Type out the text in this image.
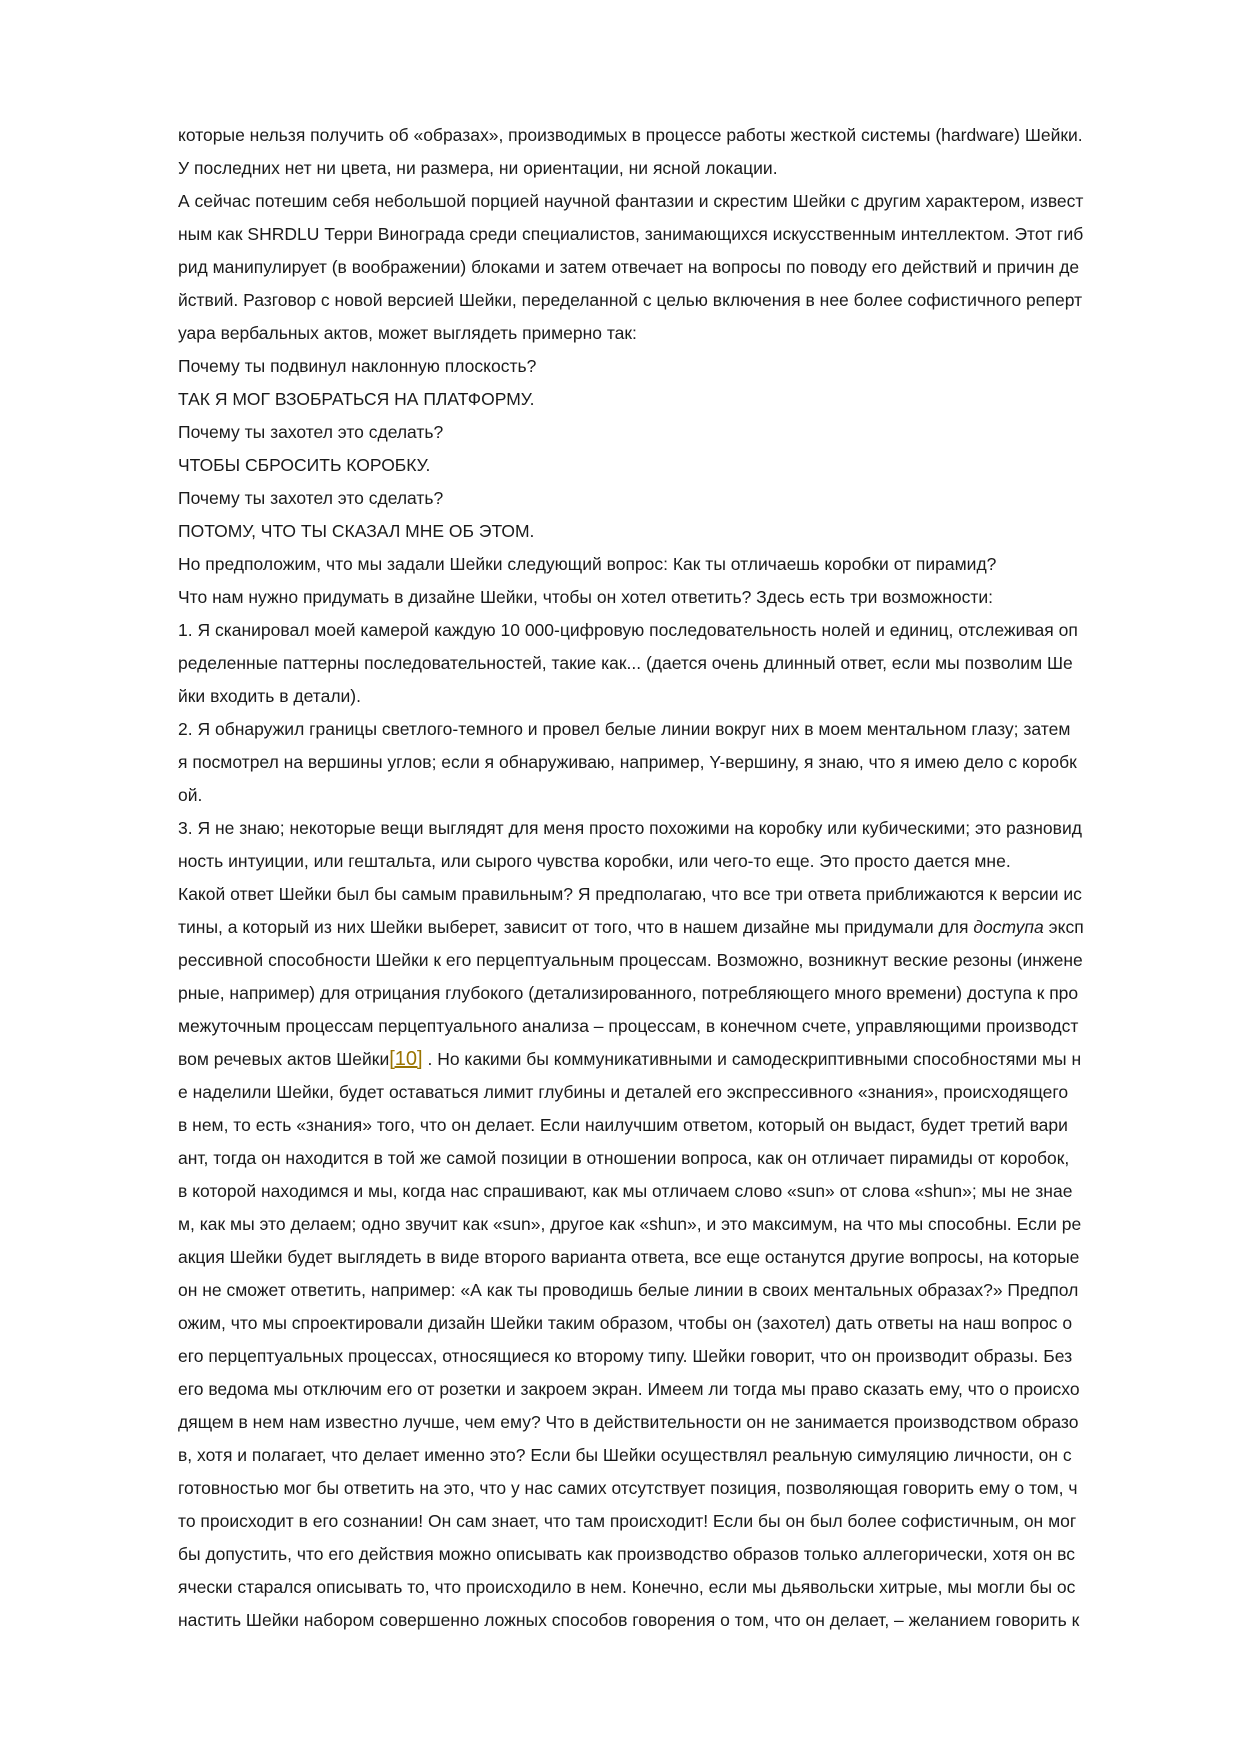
которые нельзя получить об «образах», производимых в процессе работы жесткой системы (hardware) Шейки.
У последних нет ни цвета, ни размера, ни ориентации, ни ясной локации.
А сейчас потешим себя небольшой порцией научной фантазии и скрестим Шейки с другим характером, извест
ным как SHRDLU Терри Винограда среди специалистов, занимающихся искусственным интеллектом. Этот гиб
рид манипулирует (в воображении) блоками и затем отвечает на вопросы по поводу его действий и причин де
йствий. Разговор с новой версией Шейки, переделанной с целью включения в нее более софистичного реперт
уара вербальных актов, может выглядеть примерно так:
Почему ты подвинул наклонную плоскость?
ТАК Я МОГ ВЗОБРАТЬСЯ НА ПЛАТФОРМУ.
Почему ты захотел это сделать?
ЧТОБЫ СБРОСИТЬ КОРОБКУ.
Почему ты захотел это сделать?
ПОТОМУ, ЧТО ТЫ СКАЗАЛ МНЕ ОБ ЭТОМ.
Но предположим, что мы задали Шейки следующий вопрос: Как ты отличаешь коробки от пирамид?
Что нам нужно придумать в дизайне Шейки, чтобы он хотел ответить? Здесь есть три возможности:
1. Я сканировал моей камерой каждую 10 000-цифровую последовательность нолей и единиц, отслеживая оп
ределенные паттерны последовательностей, такие как... (дается очень длинный ответ, если мы позволим Ше
йки входить в детали).
2. Я обнаружил границы светлого-темного и провел белые линии вокруг них в моем ментальном глазу; затем
я посмотрел на вершины углов; если я обнаруживаю, например, Y-вершину, я знаю, что я имею дело с коробк
ой.
3. Я не знаю; некоторые вещи выглядят для меня просто похожими на коробку или кубическими; это разновид
ность интуиции, или гештальта, или сырого чувства коробки, или чего-то еще. Это просто дается мне.
Какой ответ Шейки был бы самым правильным? Я предполагаю, что все три ответа приближаются к версии ис
тины, а который из них Шейки выберет, зависит от того, что в нашем дизайне мы придумали для доступа эксп
рессивной способности Шейки к его перцептуальным процессам. Возможно, возникнут веские резоны (инжене
рные, например) для отрицания глубокого (детализированного, потребляющего много времени) доступа к про
межуточным процессам перцептуального анализа – процессам, в конечном счете, управляющими производст
вом речевых актов Шейки[10] . Но какими бы коммуникативными и самодескриптивными способностями мы н
е наделили Шейки, будет оставаться лимит глубины и деталей его экспрессивного «знания», происходящего
в нем, то есть «знания» того, что он делает. Если наилучшим ответом, который он выдаст, будет третий вари
ант, тогда он находится в той же самой позиции в отношении вопроса, как он отличает пирамиды от коробок,
в которой находимся и мы, когда нас спрашивают, как мы отличаем слово «sun» от слова «shun»; мы не знае
м, как мы это делаем; одно звучит как «sun», другое как «shun», и это максимум, на что мы способны. Если ре
акция Шейки будет выглядеть в виде второго варианта ответа, все еще останутся другие вопросы, на которые
он не сможет ответить, например: «А как ты проводишь белые линии в своих ментальных образах?» Предпол
ожим, что мы спроектировали дизайн Шейки таким образом, чтобы он (захотел) дать ответы на наш вопрос о
его перцептуальных процессах, относящиеся ко второму типу. Шейки говорит, что он производит образы. Без
его ведома мы отключим его от розетки и закроем экран. Имеем ли тогда мы право сказать ему, что о происхо
дящем в нем нам известно лучше, чем ему? Что в действительности он не занимается производством образо
в, хотя и полагает, что делает именно это? Если бы Шейки осуществлял реальную симуляцию личности, он с
готовностью мог бы ответить на это, что у нас самих отсутствует позиция, позволяющая говорить ему о том, ч
то происходит в его сознании! Он сам знает, что там происходит! Если бы он был более софистичным, он мог
бы допустить, что его действия можно описывать как производство образов только аллегорически, хотя он вс
ячески старался описывать то, что происходило в нем. Конечно, если мы дьявольски хитрые, мы могли бы ос
настить Шейки набором совершенно ложных способов говорения о том, что он делает, – желанием говорить к
